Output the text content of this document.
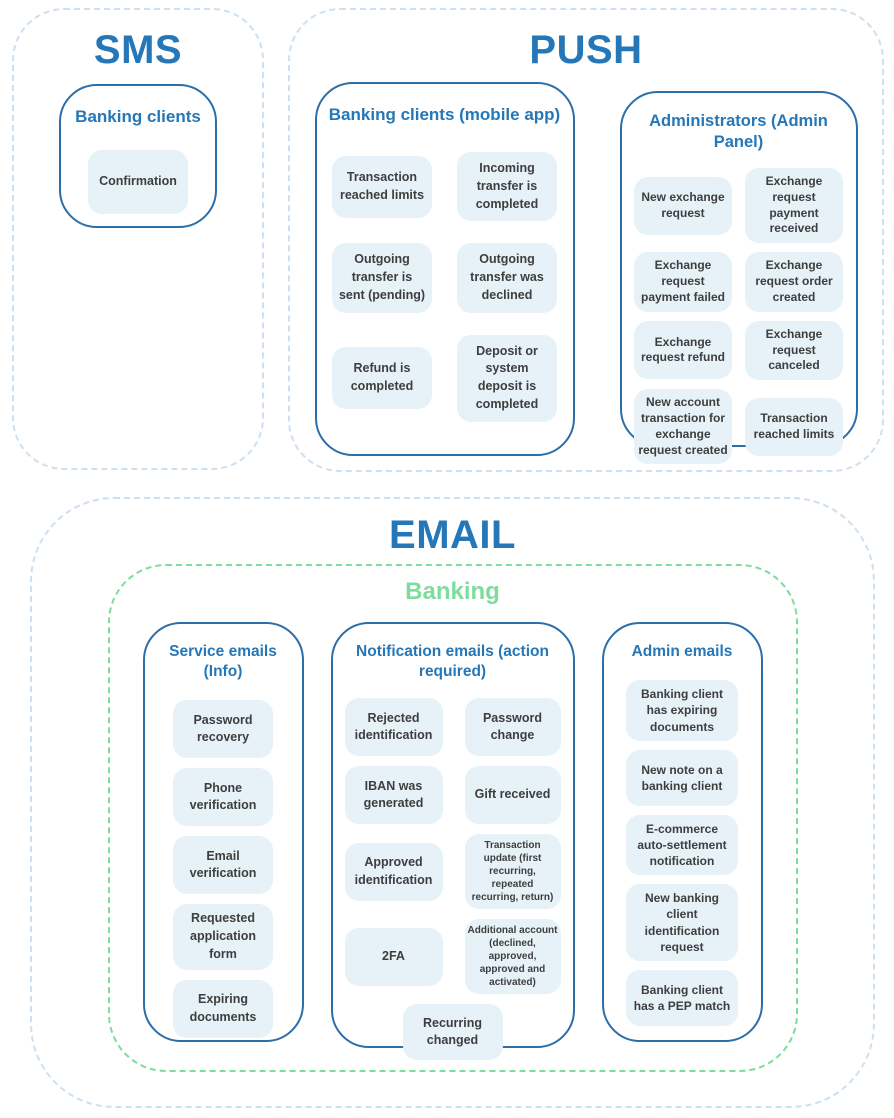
SMS
Banking clients
Confirmation
PUSH
Banking clients (mobile app)
Transaction reached limits
Incoming transfer is completed
Outgoing transfer is sent (pending)
Outgoing transfer was declined
Refund is completed
Deposit or system deposit is completed
Administrators (Admin Panel)
New exchange request
Exchange request payment received
Exchange request payment failed
Exchange request order created
Exchange request refund
Exchange request canceled
New account transaction for exchange request created
Transaction reached limits
EMAIL
Banking
Service emails (Info)
Password recovery
Phone verification
Email verification
Requested application form
Expiring documents
Notification emails (action required)
Rejected identification
Password change
IBAN was generated
Gift received
Approved identification
Transaction update (first recurring, repeated recurring, return)
2FA
Additional account (declined, approved, approved and activated)
Recurring changed
Admin emails
Banking client has expiring documents
New note on a banking client
E-commerce auto-settlement notification
New banking client identification request
Banking client has a PEP match
